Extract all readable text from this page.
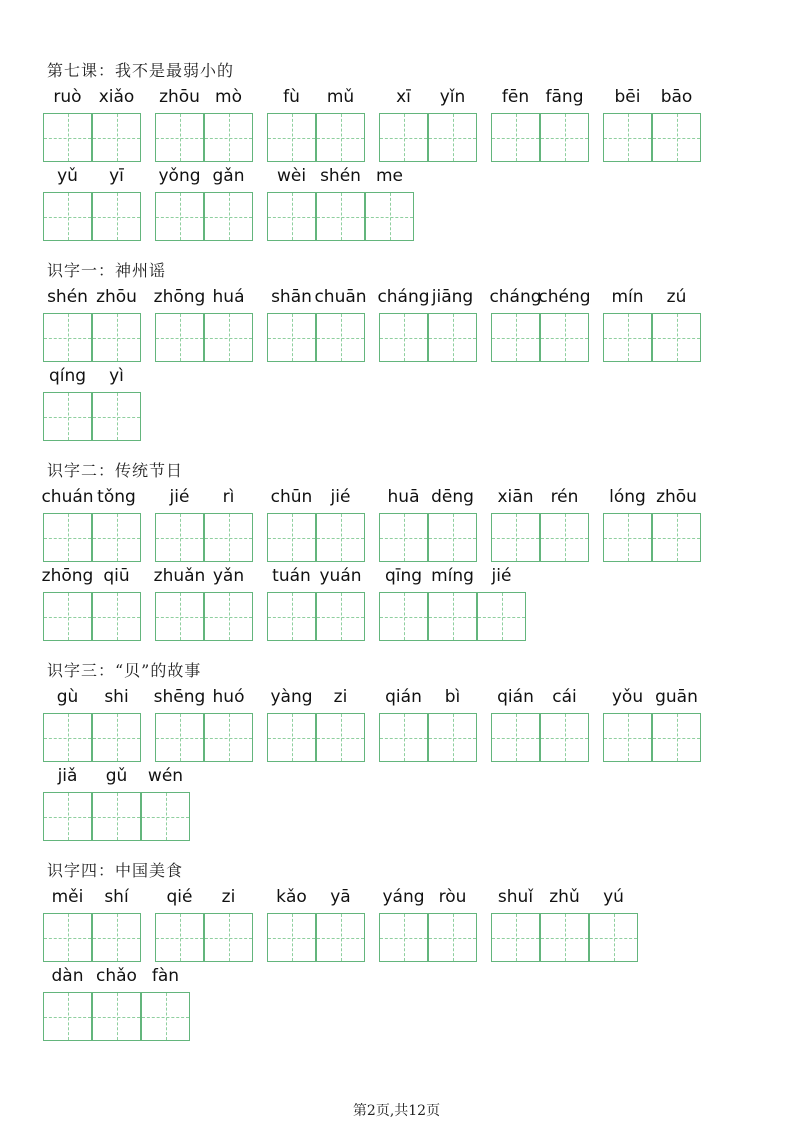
第七课：我不是最弱小的
ruò	xiǎo	zhōu mò	fù	mǔ	xī	yǐn	fēn fāng	bēi	bāo
yǔ	yī	yǒng gǎn	wèi shén me
识字一：神州谣
shén zhōu zhōng huá	shān chuān cháng jiāng cháng
chéng	mín	zú
qíng	yì
识字二：传统节日
chuán tǒng	jié	rì	chūn	jié	huā dēng	xiān	rén	lóng zhōu
zhōng qiū	zhuǎn yǎn	tuán yuán	qīng míng	jié
识字三：“贝”的故事
gù	shi	shēng huó	yàng	zi	qián	bì	qián	cái	yǒu guān
jiǎ	gǔ	wén
识字四：中国美食
měi	shí	qié	zi	kǎo	yā	yáng ròu	shuǐ zhǔ	yú
dàn chǎo fàn
第2页,共12页
